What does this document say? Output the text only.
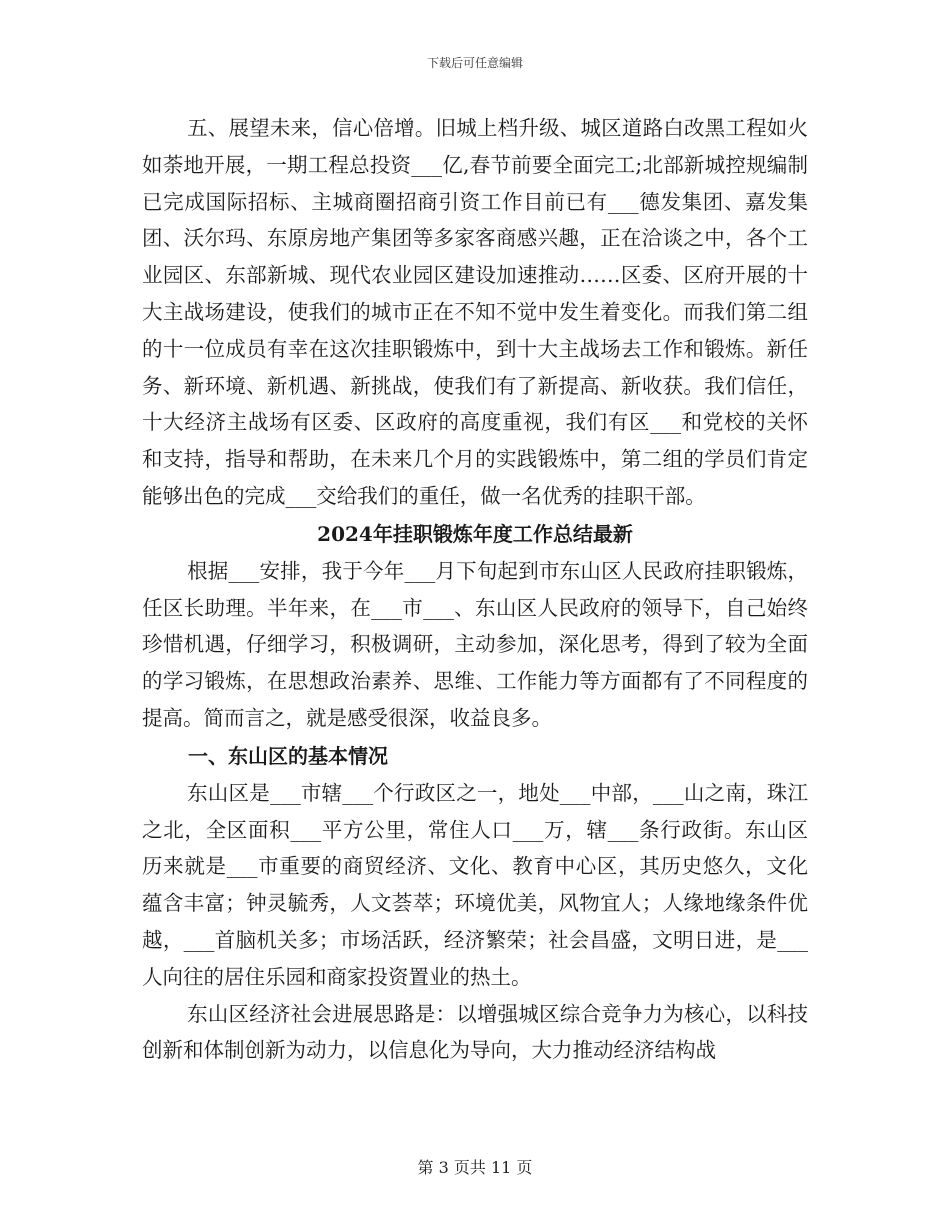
下载后可任意编辑

五、展望未来，信心倍增。旧城上档升级、城区道路白改黑工程如火如荼地开展，一期工程总投资___亿,春节前要全面完工;北部新城控规编制已完成国际招标、主城商圈招商引资工作目前已有___德发集团、嘉发集团、沃尔玛、东原房地产集团等多家客商感兴趣，正在洽谈之中，各个工业园区、东部新城、现代农业园区建设加速推动……区委、区府开展的十大主战场建设，使我们的城市正在不知不觉中发生着变化。而我们第二组的十一位成员有幸在这次挂职锻炼中，到十大主战场去工作和锻炼。新任务、新环境、新机遇、新挑战，使我们有了新提高、新收获。我们信任，十大经济主战场有区委、区政府的高度重视，我们有区___和党校的关怀和支持，指导和帮助，在未来几个月的实践锻炼中，第二组的学员们肯定能够出色的完成___交给我们的重任，做一名优秀的挂职干部。

2024年挂职锻炼年度工作总结最新

根据___安排，我于今年___月下旬起到市东山区人民政府挂职锻炼，任区长助理。半年来，在___市___、东山区人民政府的领导下，自己始终珍惜机遇，仔细学习，积极调研，主动参加，深化思考，得到了较为全面的学习锻炼，在思想政治素养、思维、工作能力等方面都有了不同程度的提高。简而言之，就是感受很深，收益良多。

一、东山区的基本情况

东山区是___市辖___个行政区之一，地处___中部，___山之南，珠江之北，全区面积___平方公里，常住人口___万，辖___条行政街。东山区历来就是___市重要的商贸经济、文化、教育中心区，其历史悠久，文化蕴含丰富；钟灵毓秀，人文荟萃；环境优美，风物宜人；人缘地缘条件优越，___首脑机关多；市场活跃，经济繁荣；社会昌盛，文明日进，是___人向往的居住乐园和商家投资置业的热土。

东山区经济社会进展思路是：以增强城区综合竞争力为核心，以科技创新和体制创新为动力，以信息化为导向，大力推动经济结构战

第 3 页共 11 页
